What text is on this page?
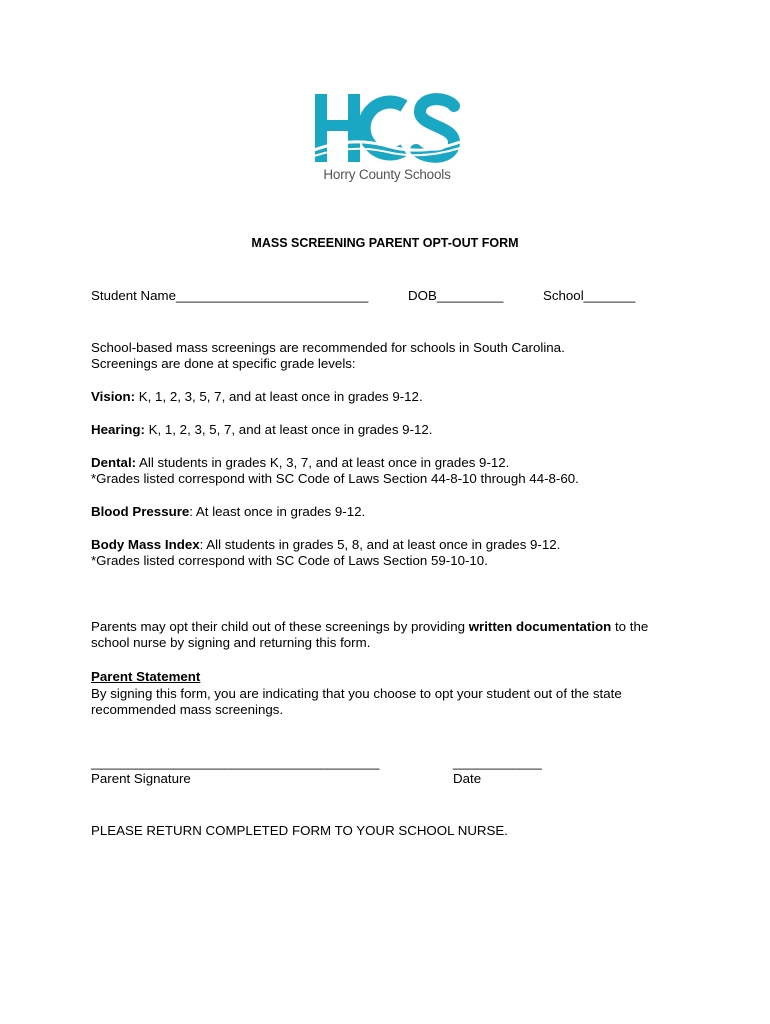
Horry County Schools
MASS SCREENING PARENT OPT-OUT FORM
Student Name__________________________	DOB_________	School_______
School-based mass screenings are recommended for schools in South Carolina.
Screenings are done at specific grade levels:
Vision: K, 1, 2, 3, 5, 7, and at least once in grades 9-12.
Hearing: K, 1, 2, 3, 5, 7, and at least once in grades 9-12.
Dental: All students in grades K, 3, 7, and at least once in grades 9-12.
*Grades listed correspond with SC Code of Laws Section 44-8-10 through 44-8-60.
Blood Pressure: At least once in grades 9-12.
Body Mass Index: All students in grades 5, 8, and at least once in grades 9-12.
*Grades listed correspond with SC Code of Laws Section 59-10-10.
Parents may opt their child out of these screenings by providing written documentation to the
school nurse by signing and returning this form.
Parent Statement
By signing this form, you are indicating that you choose to opt your student out of the state
recommended mass screenings.
_______________________________________
Parent Signature
____________
Date
PLEASE RETURN COMPLETED FORM TO YOUR SCHOOL NURSE.
